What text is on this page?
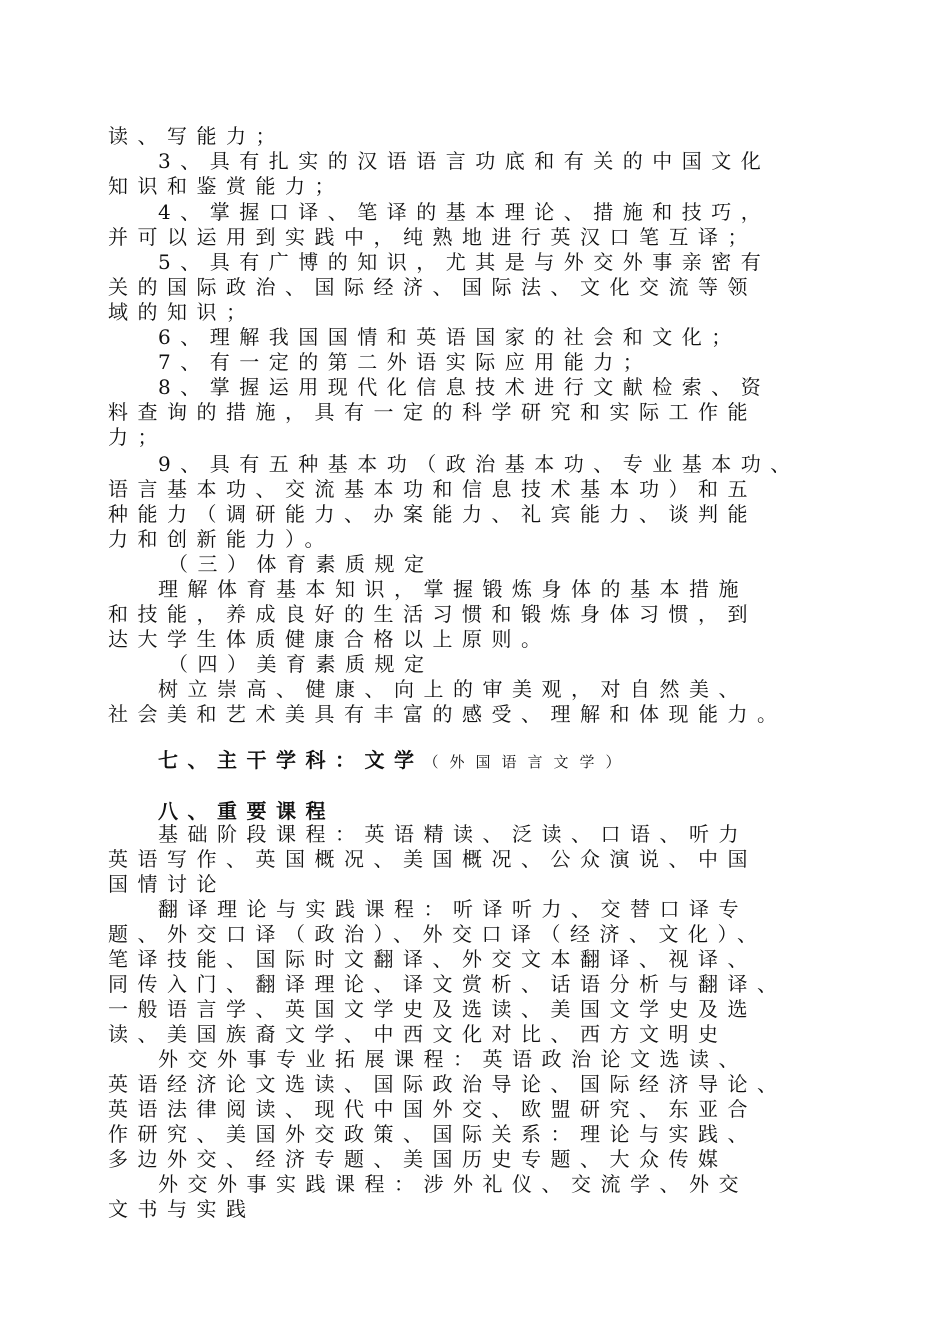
读、写能力；
3、具有扎实的汉语语言功底和有关的中国文化
知识和鉴赏能力；
4、掌握口译、笔译的基本理论、措施和技巧，
并可以运用到实践中，纯熟地进行英汉口笔互译；
5、具有广博的知识，尤其是与外交外事亲密有
关的国际政治、国际经济、国际法、文化交流等领
域的知识；
6、理解我国国情和英语国家的社会和文化；
7、有一定的第二外语实际应用能力；
8、掌握运用现代化信息技术进行文献检索、资
料查询的措施，具有一定的科学研究和实际工作能
力；
9、具有五种基本功（政治基本功、专业基本功、
语言基本功、交流基本功和信息技术基本功）和五
种能力（调研能力、办案能力、礼宾能力、谈判能
力和创新能力）。
（三）体育素质规定
理解体育基本知识，掌握锻炼身体的基本措施
和技能，养成良好的生活习惯和锻炼身体习惯，到
达大学生体质健康合格以上原则。
（四）美育素质规定
树立崇高、健康、向上的审美观，对自然美、
社会美和艺术美具有丰富的感受、理解和体现能力。
七、主干学科：文学（外国语言文学）
八、重要课程
基础阶段课程：英语精读、泛读、口语、听力
英语写作、英国概况、美国概况、公众演说、中国
国情讨论
翻译理论与实践课程：听译听力、交替口译专
题、外交口译（政治）、外交口译（经济、文化）、
笔译技能、国际时文翻译、外交文本翻译、视译、
同传入门、翻译理论、译文赏析、话语分析与翻译、
一般语言学、英国文学史及选读、美国文学史及选
读、美国族裔文学、中西文化对比、西方文明史
外交外事专业拓展课程：英语政治论文选读、
英语经济论文选读、国际政治导论、国际经济导论、
英语法律阅读、现代中国外交、欧盟研究、东亚合
作研究、美国外交政策、国际关系：理论与实践、
多边外交、经济专题、美国历史专题、大众传媒
外交外事实践课程：涉外礼仪、交流学、外交
文书与实践
